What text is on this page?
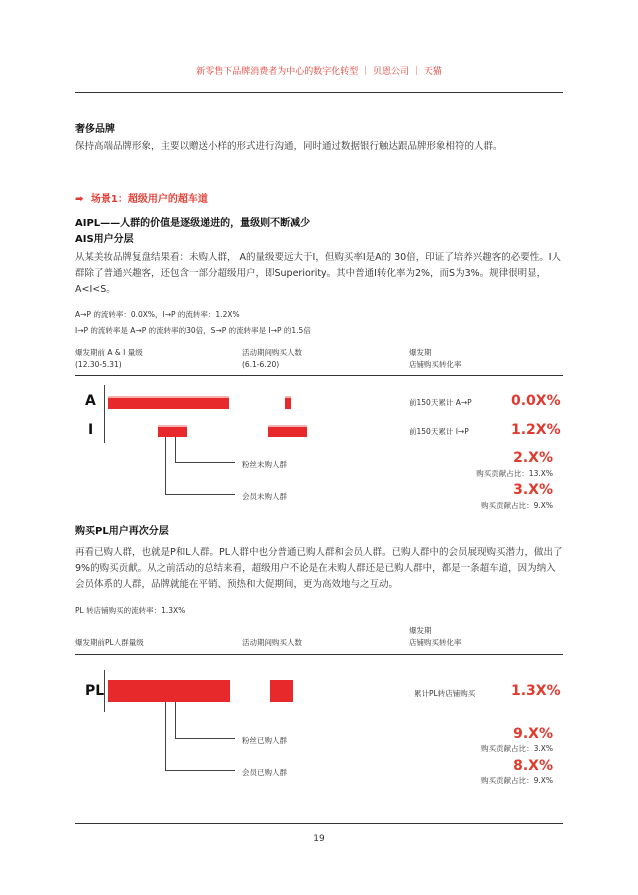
新零售下品牌消费者为中心的数字化转型 ｜ 贝恩公司 ｜ 天猫
奢侈品牌
保持高端品牌形象，主要以赠送小样的形式进行沟通，同时通过数据银行触达跟品牌形象相符的人群。
➡ 场景1：超级用户的超车道
AIPL——人群的价值是逐级递进的，量级则不断减少
AIS用户分层
从某美妆品牌复盘结果看：未购人群， A的量级要远大于I，但购买率I是A的 30倍，印证了培养兴趣客的必要性。I人群除了普通兴趣客，还包含一部分超级用户，即Superiority。其中普通I转化率为2%，而S为3%。规律很明显，A<I<S。
A→P 的流转率：0.0X%，I→P 的流转率：1.2X%
I→P 的流转率是 A→P 的流转率的30倍，S→P 的流转率是 I→P 的1.5倍
爆发期前 A & I 量级
(12.30-5.31)
活动期间购买人数
(6.1-6.20)
爆发期
店铺购买转化率
A
I
前150天累计 A→P	0.0X%
前150天累计 I→P	1.2X%
粉丝未购人群
会员未购人群
2.X%
购买贡献占比：13.X%
3.X%
购买贡献占比：9.X%
购买PL用户再次分层
再看已购人群，也就是P和L人群。PL人群中也分普通已购人群和会员人群。已购人群中的会员展现购买潜力，做出了9%的购买贡献。从之前活动的总结来看，超级用户不论是在未购人群还是已购人群中，都是一条超车道，因为纳入会员体系的人群，品牌就能在平销、预热和大促期间，更为高效地与之互动。
PL 转店铺购买的流转率：1.3X%
爆发期前PL人群量级	活动期间购买人数
爆发期
店铺购买转化率
PL	累计PL转店铺购买	1.3X%
粉丝已购人群
会员已购人群
9.X%
购买贡献占比：3.X%
8.X%
购买贡献占比：9.X%
19
